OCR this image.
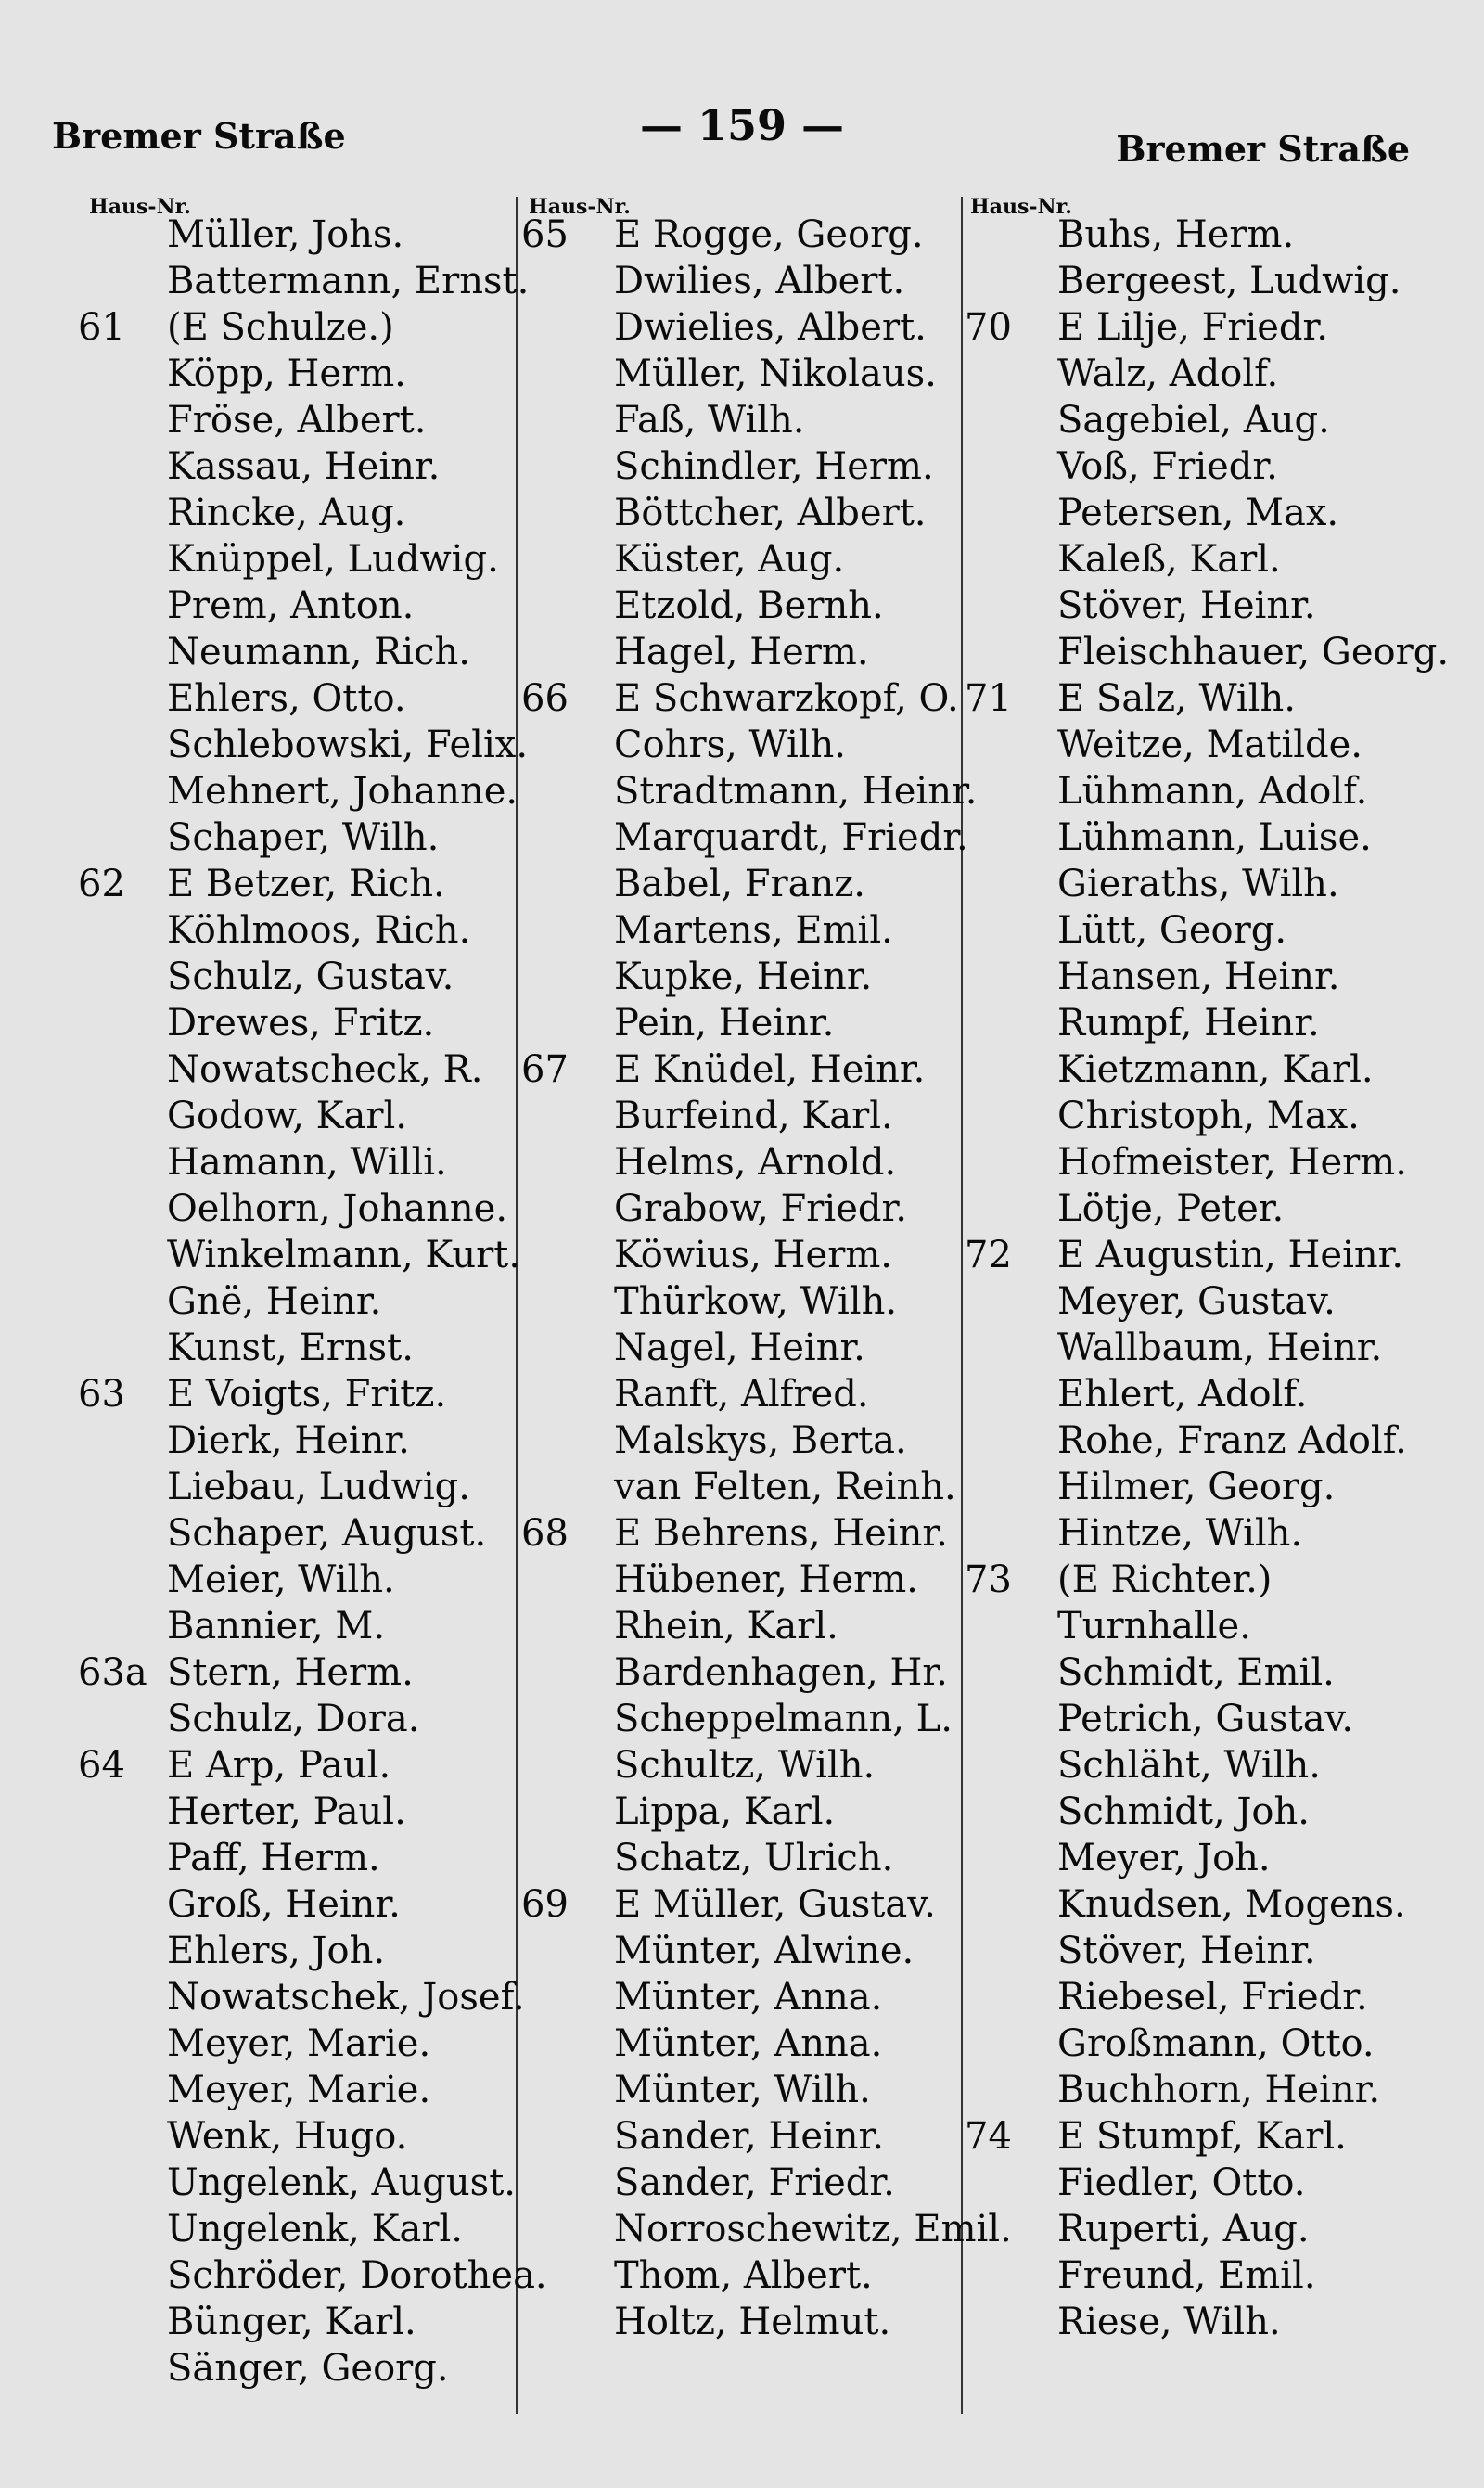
Bremer Straße	— 159 —	Bremer Straße
Haus-Nr.	Haus-Nr.	Haus-Nr.
Müller, Johs.
Battermann, Ernst.
61	(E Schulze.)
Köpp, Herm.
Fröse, Albert.
Kassau, Heinr.
Rincke, Aug.
Knüppel, Ludwig.
Prem, Anton.
Neumann, Rich.
Ehlers, Otto.
Schlebowski, Felix.
Mehnert, Johanne.
Schaper, Wilh.
62	E Betzer, Rich.
Köhlmoos, Rich.
Schulz, Gustav.
Drewes, Fritz.
Nowatscheck, R.
Godow, Karl.
Hamann, Willi.
Oelhorn, Johanne.
Winkelmann, Kurt.
Gnë, Heinr.
Kunst, Ernst.
63	E Voigts, Fritz.
Dierk, Heinr.
Liebau, Ludwig.
Schaper, August.
Meier, Wilh.
Bannier, M.
63a Stern, Herm.
Schulz, Dora.
64	E Arp, Paul.
Herter, Paul.
Paff, Herm.
Groß, Heinr.
Ehlers, Joh.
Nowatschek, Josef.
Meyer, Marie.
Meyer, Marie.
Wenk, Hugo.
Ungelenk, August.
Ungelenk, Karl.
Schröder, Dorothea.
Bünger, Karl.
Sänger, Georg.
65	E Rogge, Georg.
Dwilies, Albert.
Dwielies, Albert.
Müller, Nikolaus.
Faß, Wilh.
Schindler, Herm.
Böttcher, Albert.
Küster, Aug.
Etzold, Bernh.
Hagel, Herm.
66	E Schwarzkopf, O.
Cohrs, Wilh.
Stradtmann, Heinr.
Marquardt, Friedr.
Babel, Franz.
Martens, Emil.
Kupke, Heinr.
Pein, Heinr.
67	E Knüdel, Heinr.
Burfeind, Karl.
Helms, Arnold.
Grabow, Friedr.
Köwius, Herm.
Thürkow, Wilh.
Nagel, Heinr.
Ranft, Alfred.
Malskys, Berta.
van Felten, Reinh.
68	E Behrens, Heinr.
Hübener, Herm.
Rhein, Karl.
Bardenhagen, Hr.
Scheppelmann, L.
Schultz, Wilh.
Lippa, Karl.
Schatz, Ulrich.
69	E Müller, Gustav.
Münter, Alwine.
Münter, Anna.
Münter, Anna.
Münter, Wilh.
Sander, Heinr.
Sander, Friedr.
Norroschewitz, Emil.
Thom, Albert.
Holtz, Helmut.
Buhs, Herm.
Bergeest, Ludwig.
70	E Lilje, Friedr.
Walz, Adolf.
Sagebiel, Aug.
Voß, Friedr.
Petersen, Max.
Kaleß, Karl.
Stöver, Heinr.
Fleischhauer, Georg.
71	E Salz, Wilh.
Weitze, Matilde.
Lühmann, Adolf.
Lühmann, Luise.
Gieraths, Wilh.
Lütt, Georg.
Hansen, Heinr.
Rumpf, Heinr.
Kietzmann, Karl.
Christoph, Max.
Hofmeister, Herm.
Lötje, Peter.
72	E Augustin, Heinr.
Meyer, Gustav.
Wallbaum, Heinr.
Ehlert, Adolf.
Rohe, Franz Adolf.
Hilmer, Georg.
Hintze, Wilh.
73	(E Richter.)
Turnhalle.
Schmidt, Emil.
Petrich, Gustav.
Schläht, Wilh.
Schmidt, Joh.
Meyer, Joh.
Knudsen, Mogens.
Stöver, Heinr.
Riebesel, Friedr.
Großmann, Otto.
Buchhorn, Heinr.
74	E Stumpf, Karl.
Fiedler, Otto.
Ruperti, Aug.
Freund, Emil.
Riese, Wilh.
